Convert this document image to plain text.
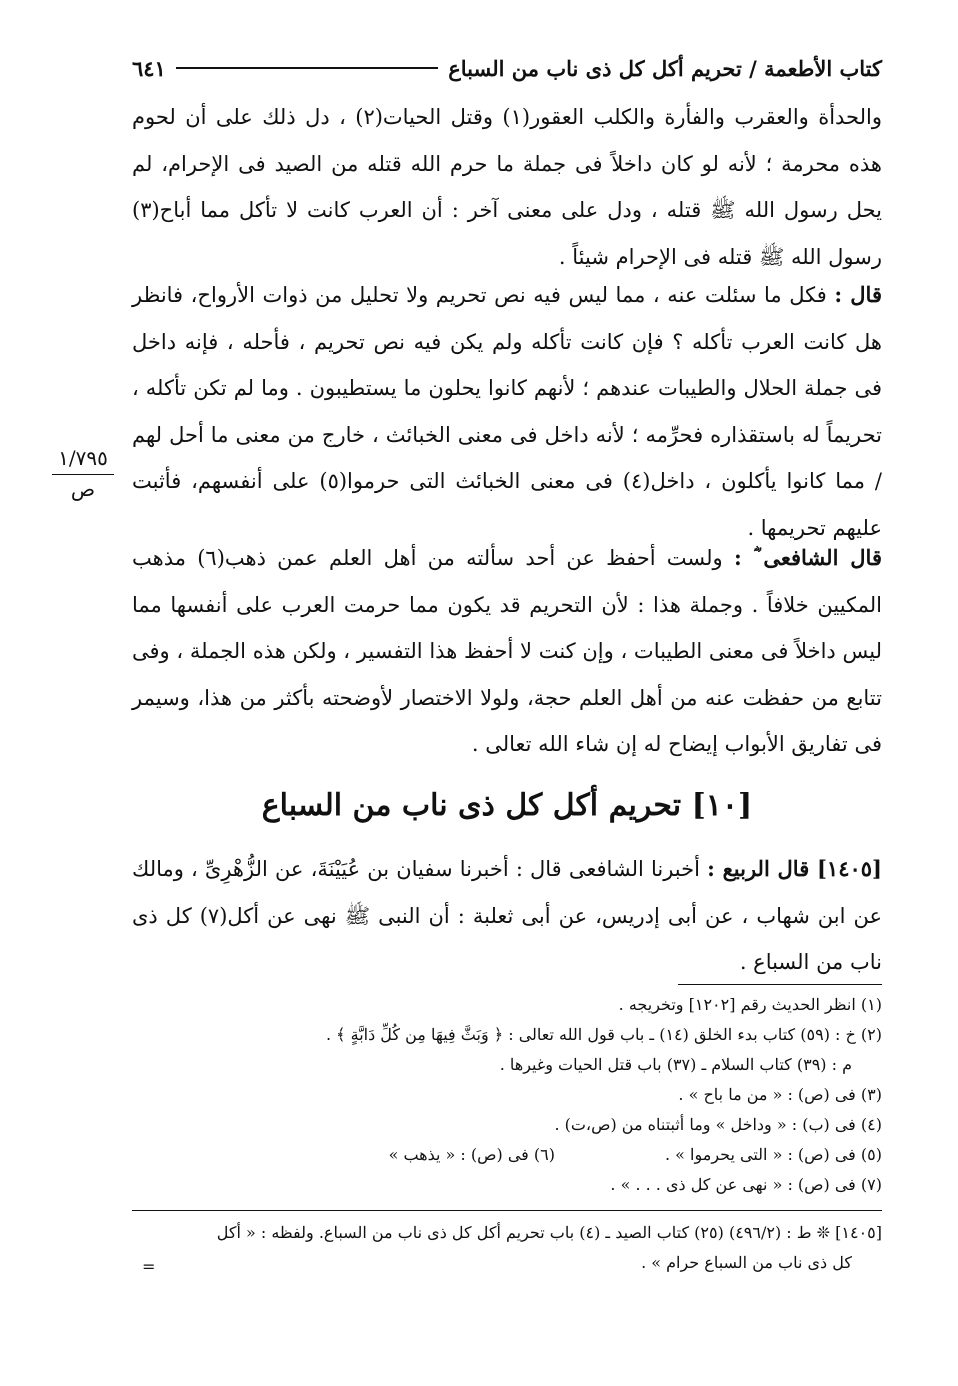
كتاب الأطعمة / تحريم أكل كل ذى ناب من السباع
٦٤١
والحدأة والعقرب والفأرة والكلب العقور(١) وقتل الحيات(٢) ، دل ذلك على أن لحوم هذه محرمة ؛ لأنه لو كان داخلاً فى جملة ما حرم الله قتله من الصيد فى الإحرام، لم يحل رسول الله ﷺ قتله ، ودل على معنى آخر : أن العرب كانت لا تأكل مما أباح(٣) رسول الله ﷺ قتله فى الإحرام شيئاً .
قال : فكل ما سئلت عنه ، مما ليس فيه نص تحريم ولا تحليل من ذوات الأرواح، فانظر هل كانت العرب تأكله ؟ فإن كانت تأكله ولم يكن فيه نص تحريم ، فأحله ، فإنه داخل فى جملة الحلال والطيبات عندهم ؛ لأنهم كانوا يحلون ما يستطيبون . وما لم تكن تأكله ، تحريماً له باستقذاره فحرِّمه ؛ لأنه داخل فى معنى الخبائث ، خارج من معنى ما أحل لهم / مما كانوا يأكلون ، داخل(٤) فى معنى الخبائث التى حرموا(٥) على أنفسهم، فأثبت عليهم تحريمها .
١/٧٩٥
ص
قال الشافعى ؓ : ولست أحفظ عن أحد سألته من أهل العلم عمن ذهب(٦) مذهب المكيين خلافاً . وجملة هذا : لأن التحريم قد يكون مما حرمت العرب على أنفسها مما ليس داخلاً فى معنى الطيبات ، وإن كنت لا أحفظ هذا التفسير ، ولكن هذه الجملة ، وفى تتابع من حفظت عنه من أهل العلم حجة، ولولا الاختصار لأوضحته بأكثر من هذا، وسيمر فى تفاريق الأبواب إيضاح له إن شاء الله تعالى .
[١٠] تحريم أكل كل ذى ناب من السباع
[١٤٠٥] قال الربيع : أخبرنا الشافعى قال : أخبرنا سفيان بن عُيَيْنَةَ، عن الزُّهْرِىِّ ، ومالك عن ابن شهاب ، عن أبى إدريس، عن أبى ثعلبة : أن النبى ﷺ نهى عن أكل(٧) كل ذى ناب من السباع .
(١) انظر الحديث رقم [١٢٠٢] وتخريجه .
(٢) خ : (٥٩) كتاب بدء الخلق (١٤) ـ باب قول الله تعالى : ﴿ وَبَثَّ فِيهَا مِن كُلِّ دَابَّةٍ ﴾ .
م : (٣٩) كتاب السلام ـ (٣٧) باب قتل الحيات وغيرها .
(٣) فى (ص) : « من ما باح » .
(٤) فى (ب) : « وداخل » وما أثبتناه من (ص،ت) .
(٥) فى (ص) : « التى يحرموا » .
(٦) فى (ص) : « يذهب »
(٧) فى (ص) : « نهى عن كل ذى . . . » .
[١٤٠٥] ❊ ط : (٤٩٦/٢) (٢٥) كتاب الصيد ـ (٤) باب تحريم أكل كل ذى ناب من السباع. ولفظه : « أكل
كل ذى ناب من السباع حرام » .
=
